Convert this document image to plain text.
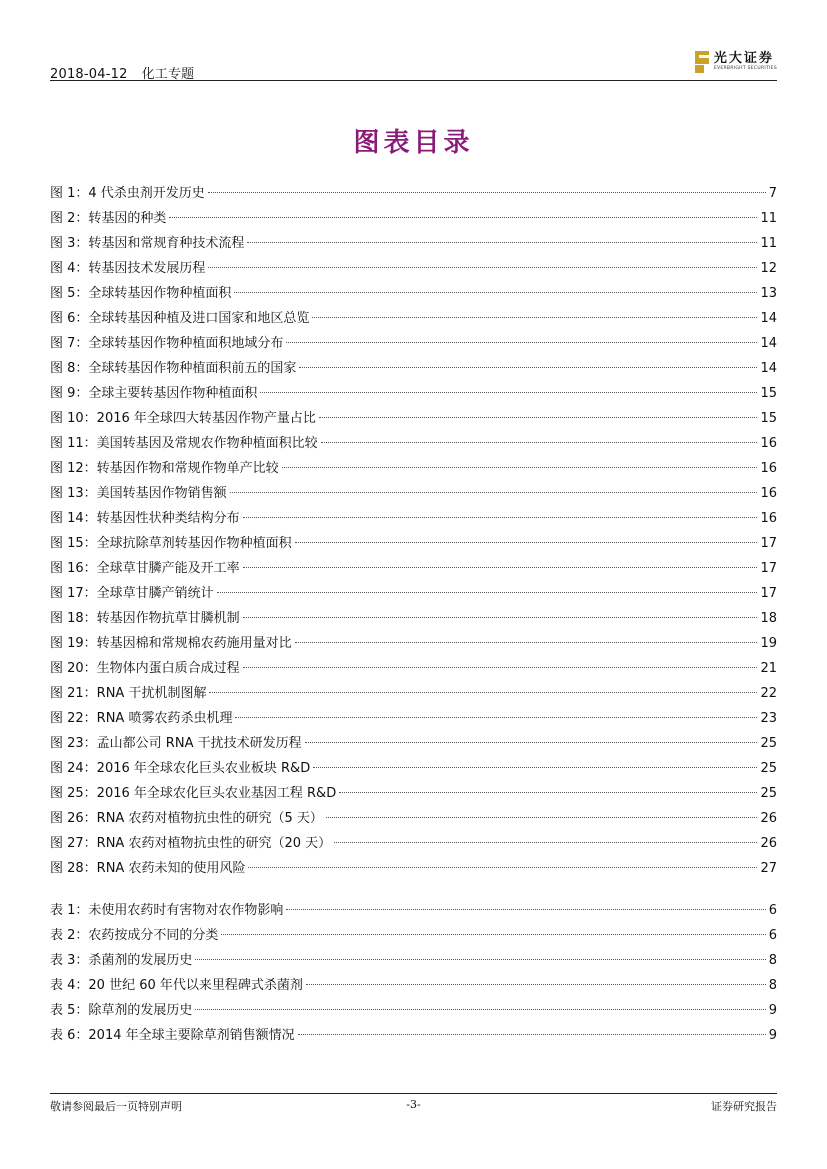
2018-04-12 化工专题
光大证券
EVERBRIGHT SECURITIES
图表目录
图 1：4 代杀虫剂开发历史	7
图 2：转基因的种类	11
图 3：转基因和常规育种技术流程	11
图 4：转基因技术发展历程	12
图 5：全球转基因作物种植面积	13
图 6：全球转基因种植及进口国家和地区总览	14
图 7：全球转基因作物种植面积地域分布	14
图 8：全球转基因作物种植面积前五的国家	14
图 9：全球主要转基因作物种植面积	15
图 10：2016 年全球四大转基因作物产量占比	15
图 11：美国转基因及常规农作物种植面积比较	16
图 12：转基因作物和常规作物单产比较	16
图 13：美国转基因作物销售额	16
图 14：转基因性状种类结构分布	16
图 15：全球抗除草剂转基因作物种植面积	17
图 16：全球草甘膦产能及开工率	17
图 17：全球草甘膦产销统计	17
图 18：转基因作物抗草甘膦机制	18
图 19：转基因棉和常规棉农药施用量对比	19
图 20：生物体内蛋白质合成过程	21
图 21：RNA 干扰机制图解	22
图 22：RNA 喷雾农药杀虫机理	23
图 23：孟山都公司 RNA 干扰技术研发历程	25
图 24：2016 年全球农化巨头农业板块 R&D	25
图 25：2016 年全球农化巨头农业基因工程 R&D	25
图 26：RNA 农药对植物抗虫性的研究（5 天）	26
图 27：RNA 农药对植物抗虫性的研究（20 天）	26
图 28：RNA 农药未知的使用风险	27
表 1：未使用农药时有害物对农作物影响	6
表 2：农药按成分不同的分类	6
表 3：杀菌剂的发展历史	8
表 4：20 世纪 60 年代以来里程碑式杀菌剂	8
表 5：除草剂的发展历史	9
表 6：2014 年全球主要除草剂销售额情况	9
敬请参阅最后一页特别声明	-3-	证券研究报告
